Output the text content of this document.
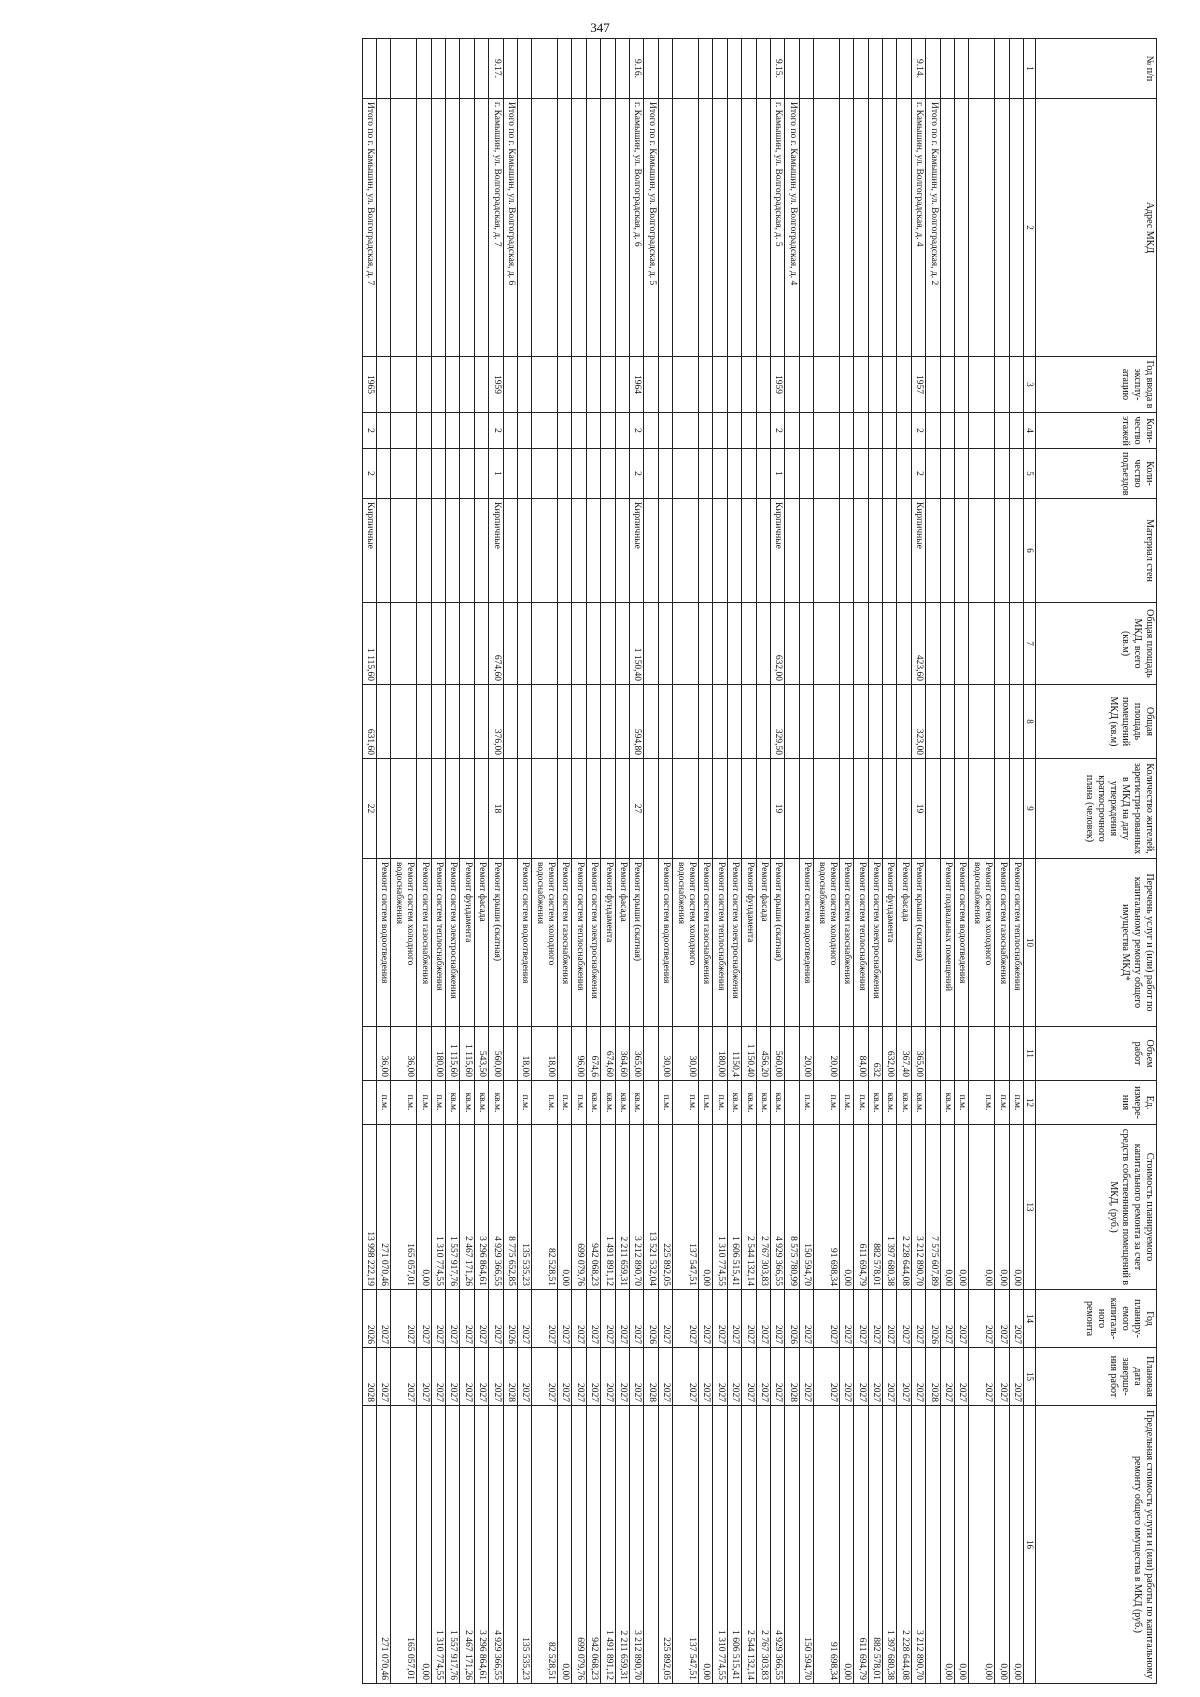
347
№ п/п	Адрес МКД	Год ввода в эксплу-атацию	Коли-чество этажей	Коли-чество подъездов	Материал стен	Общая площадь МКД, всего (кв.м)	Общая площадь помещений МКД (кв.м)	Количество жителей, зарегистри-рованных в МКД на дату утверждения краткосрочного плана (человек)	Перечень услуг и (или) работ по капитальному ремонту общего имущества МКД*	Объем работ	Ед. измере-ния	Стоимость планируемого капитального ремонта за счет средств собственников помещений в МКД, (руб.)	Год планиру-емого капиталь-ного ремонта	Плановая дата заверше-ния работ	Предельная стоимость услуги и (или) работы по капитальному ремонту общего имущества в МКД (руб.)
1	2	3	4	5	6	7	8	9	10	11	12	13	14	15	16
									Ремонт систем теплоснабжения		п.м.	0,00	2027	2027	0,00
									Ремонт систем газоснабжения		п.м.	0,00	2027	2027	0,00
									Ремонт систем холодного водоснабжения		п.м.	0,00	2027	2027	0,00
									Ремонт систем водоотведения		п.м.	0,00	2027	2027	0,00
									Ремонт подвальных помещений		кв.м.	0,00	2027	2027	0,00
	Итого по г. Камышин, ул. Волгоградская, д. 2											7 575 607,89	2026	2028	
9.14.	г. Камышин, ул. Волгоградская, д. 4	1957	2	2	Кирпичные	423,60	323,00	19	Ремонт крыши (скатная)	365,00	кв.м.	3 212 890,70	2027	2027	3 212 890,70
									Ремонт фасада	367,40	кв.м.	2 228 644,08	2027	2027	2 228 644,08
									Ремонт фундамента	632,00	кв.м.	1 397 680,38	2027	2027	1 397 680,38
									Ремонт систем электроснабжения	632	кв.м.	882 578,01	2027	2027	882 578,01
									Ремонт систем теплоснабжения	84,00	п.м.	611 694,79	2027	2027	611 694,79
									Ремонт систем газоснабжения		п.м.	0,00	2027	2027	0,00
									Ремонт систем холодного водоснабжения	20,00	п.м.	91 698,34	2027	2027	91 698,34
									Ремонт систем водоотведения	20,00	п.м.	150 594,70	2027	2027	150 594,70
	Итого по г. Камышин, ул. Волгоградская, д. 4											8 575 780,99	2026	2028	
9.15.	г. Камышин, ул. Волгоградская, д. 5	1959	2	1	Кирпичные	632,00	329,50	19	Ремонт крыши (скатная)	560,00	кв.м.	4 929 366,55	2027	2027	4 929 366,55
									Ремонт фасада	456,20	кв.м.	2 767 303,83	2027	2027	2 767 303,83
									Ремонт фундамента	1 150,40	кв.м.	2 544 132,14	2027	2027	2 544 132,14
									Ремонт систем электроснабжения	1150,4	кв.м.	1 606 515,41	2027	2027	1 606 515,41
									Ремонт систем теплоснабжения	180,00	п.м.	1 310 774,55	2027	2027	1 310 774,55
									Ремонт систем газоснабжения		п.м.	0,00	2027	2027	0,00
									Ремонт систем холодного водоснабжения	30,00	п.м.	137 547,51	2027	2027	137 547,51
									Ремонт систем водоотведения	30,00	п.м.	225 892,05	2027	2027	225 892,05
	Итого по г. Камышин, ул. Волгоградская, д. 5											13 521 532,04	2026	2028	
9.16.	г. Камышин, ул. Волгоградская, д. 6	1964	2	2	Кирпичные	1 150,40	594,80	27	Ремонт крыши (скатная)	365,00	кв.м.	3 212 890,70	2027	2027	3 212 890,70
									Ремонт фасада	364,60	кв.м.	2 211 659,31	2027	2027	2 211 659,31
									Ремонт фундамента	674,60	кв.м.	1 491 891,12	2027	2027	1 491 891,12
									Ремонт систем электроснабжения	674,6	кв.м.	942 068,23	2027	2027	942 068,23
									Ремонт систем теплоснабжения	96,00	п.м.	699 079,76	2027	2027	699 079,76
									Ремонт систем газоснабжения		п.м.	0,00	2027	2027	0,00
									Ремонт систем холодного водоснабжения	18,00	п.м.	82 528,51	2027	2027	82 528,51
									Ремонт систем водоотведения	18,00	п.м.	135 535,23	2027	2027	135 535,23
	Итого по г. Камышин, ул. Волгоградская, д. 6											8 775 652,85	2026	2028	
9.17.	г. Камышин, ул. Волгоградская, д. 7	1959	2	1	Кирпичные	674,60	376,00	18	Ремонт крыши (скатная)	560,00	кв.м.	4 929 366,55	2027	2027	4 929 366,55
									Ремонт фасада	543,50	кв.м.	3 296 864,61	2027	2027	3 296 864,61
									Ремонт фундамента	1 115,60	кв.м.	2 467 171,26	2027	2027	2 467 171,26
									Ремонт систем электроснабжения	1 115,60	кв.м.	1 557 917,76	2027	2027	1 557 917,76
									Ремонт систем теплоснабжения	180,00	п.м.	1 310 774,55	2027	2027	1 310 774,55
									Ремонт систем газоснабжения		п.м.	0,00	2027	2027	0,00
									Ремонт систем холодного водоснабжения	36,00	п.м.	165 057,01	2027	2027	165 057,01
									Ремонт систем водоотведения	36,00	п.м.	271 070,46	2027	2027	271 070,46
	Итого по г. Камышин, ул. Волгоградская, д. 7	1965	2	2	Кирпичные	1 115,60	631,60	22				13 998 222,19	2026	2028	
